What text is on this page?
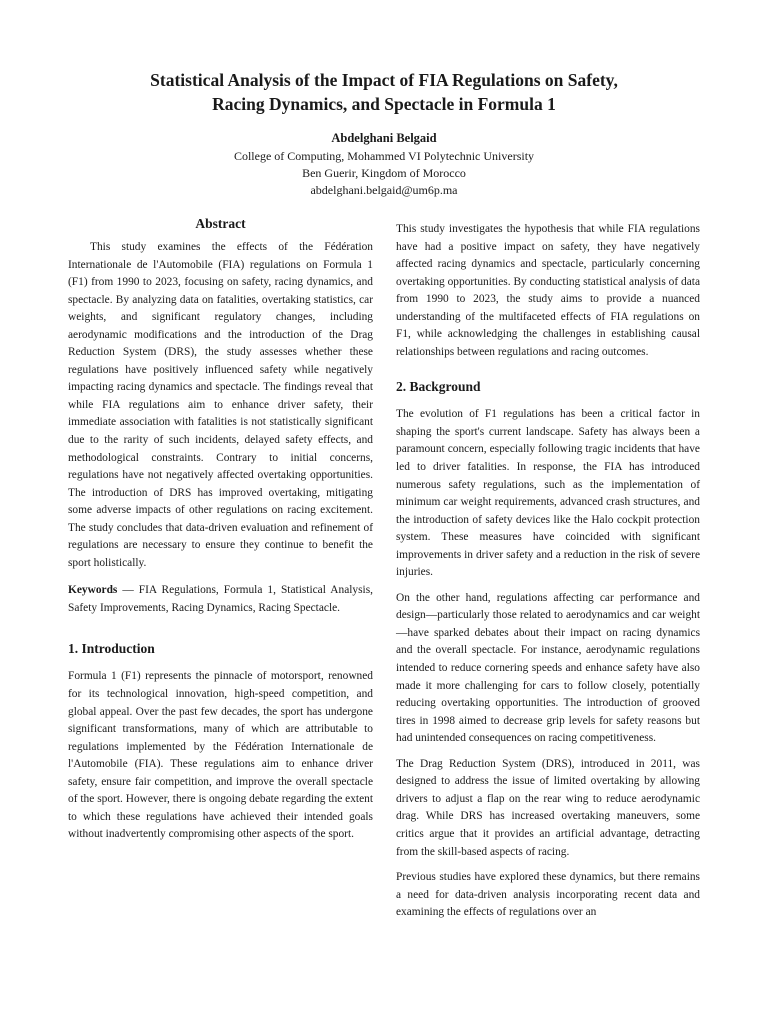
Statistical Analysis of the Impact of FIA Regulations on Safety,
Racing Dynamics, and Spectacle in Formula 1
Abdelghani Belgaid
College of Computing, Mohammed VI Polytechnic University
Ben Guerir, Kingdom of Morocco
abdelghani.belgaid@um6p.ma
Abstract

This study examines the effects of the Fédération Internationale de l'Automobile (FIA) regulations on Formula 1 (F1) from 1990 to 2023, focusing on safety, racing dynamics, and spectacle. By analyzing data on fatalities, overtaking statistics, car weights, and significant regulatory changes, including aerodynamic modifications and the introduction of the Drag Reduction System (DRS), the study assesses whether these regulations have positively influenced safety while negatively impacting racing dynamics and spectacle. The findings reveal that while FIA regulations aim to enhance driver safety, their immediate association with fatalities is not statistically significant due to the rarity of such incidents, delayed safety effects, and methodological constraints. Contrary to initial concerns, regulations have not negatively affected overtaking opportunities. The introduction of DRS has improved overtaking, mitigating some adverse impacts of other regulations on racing excitement. The study concludes that data-driven evaluation and refinement of regulations are necessary to ensure they continue to benefit the sport holistically.

Keywords — FIA Regulations, Formula 1, Statistical Analysis, Safety Improvements, Racing Dynamics, Racing Spectacle.

1. Introduction

Formula 1 (F1) represents the pinnacle of motorsport, renowned for its technological innovation, high-speed competition, and global appeal. Over the past few decades, the sport has undergone significant transformations, many of which are attributable to regulations implemented by the Fédération Internationale de l'Automobile (FIA). These regulations aim to enhance driver safety, ensure fair competition, and improve the overall spectacle of the sport. However, there is ongoing debate regarding the extent to which these regulations have achieved their intended goals without inadvertently compromising other aspects of the sport.

This study investigates the hypothesis that while FIA regulations have had a positive impact on safety, they have negatively affected racing dynamics and spectacle, particularly concerning overtaking opportunities. By conducting statistical analysis of data from 1990 to 2023, the study aims to provide a nuanced understanding of the multifaceted effects of FIA regulations on F1, while acknowledging the challenges in establishing causal relationships between regulations and racing outcomes.

2. Background

The evolution of F1 regulations has been a critical factor in shaping the sport's current landscape. Safety has always been a paramount concern, especially following tragic incidents that have led to driver fatalities. In response, the FIA has introduced numerous safety regulations, such as the implementation of minimum car weight requirements, advanced crash structures, and the introduction of safety devices like the Halo cockpit protection system. These measures have coincided with significant improvements in driver safety and a reduction in the risk of severe injuries.

On the other hand, regulations affecting car performance and design—particularly those related to aerodynamics and car weight—have sparked debates about their impact on racing dynamics and the overall spectacle. For instance, aerodynamic regulations intended to reduce cornering speeds and enhance safety have also made it more challenging for cars to follow closely, potentially reducing overtaking opportunities. The introduction of grooved tires in 1998 aimed to decrease grip levels for safety reasons but had unintended consequences on racing competitiveness.

The Drag Reduction System (DRS), introduced in 2011, was designed to address the issue of limited overtaking by allowing drivers to adjust a flap on the rear wing to reduce aerodynamic drag. While DRS has increased overtaking maneuvers, some critics argue that it provides an artificial advantage, detracting from the skill-based aspects of racing.

Previous studies have explored these dynamics, but there remains a need for data-driven analysis incorporating recent data and examining the effects of regulations over an
